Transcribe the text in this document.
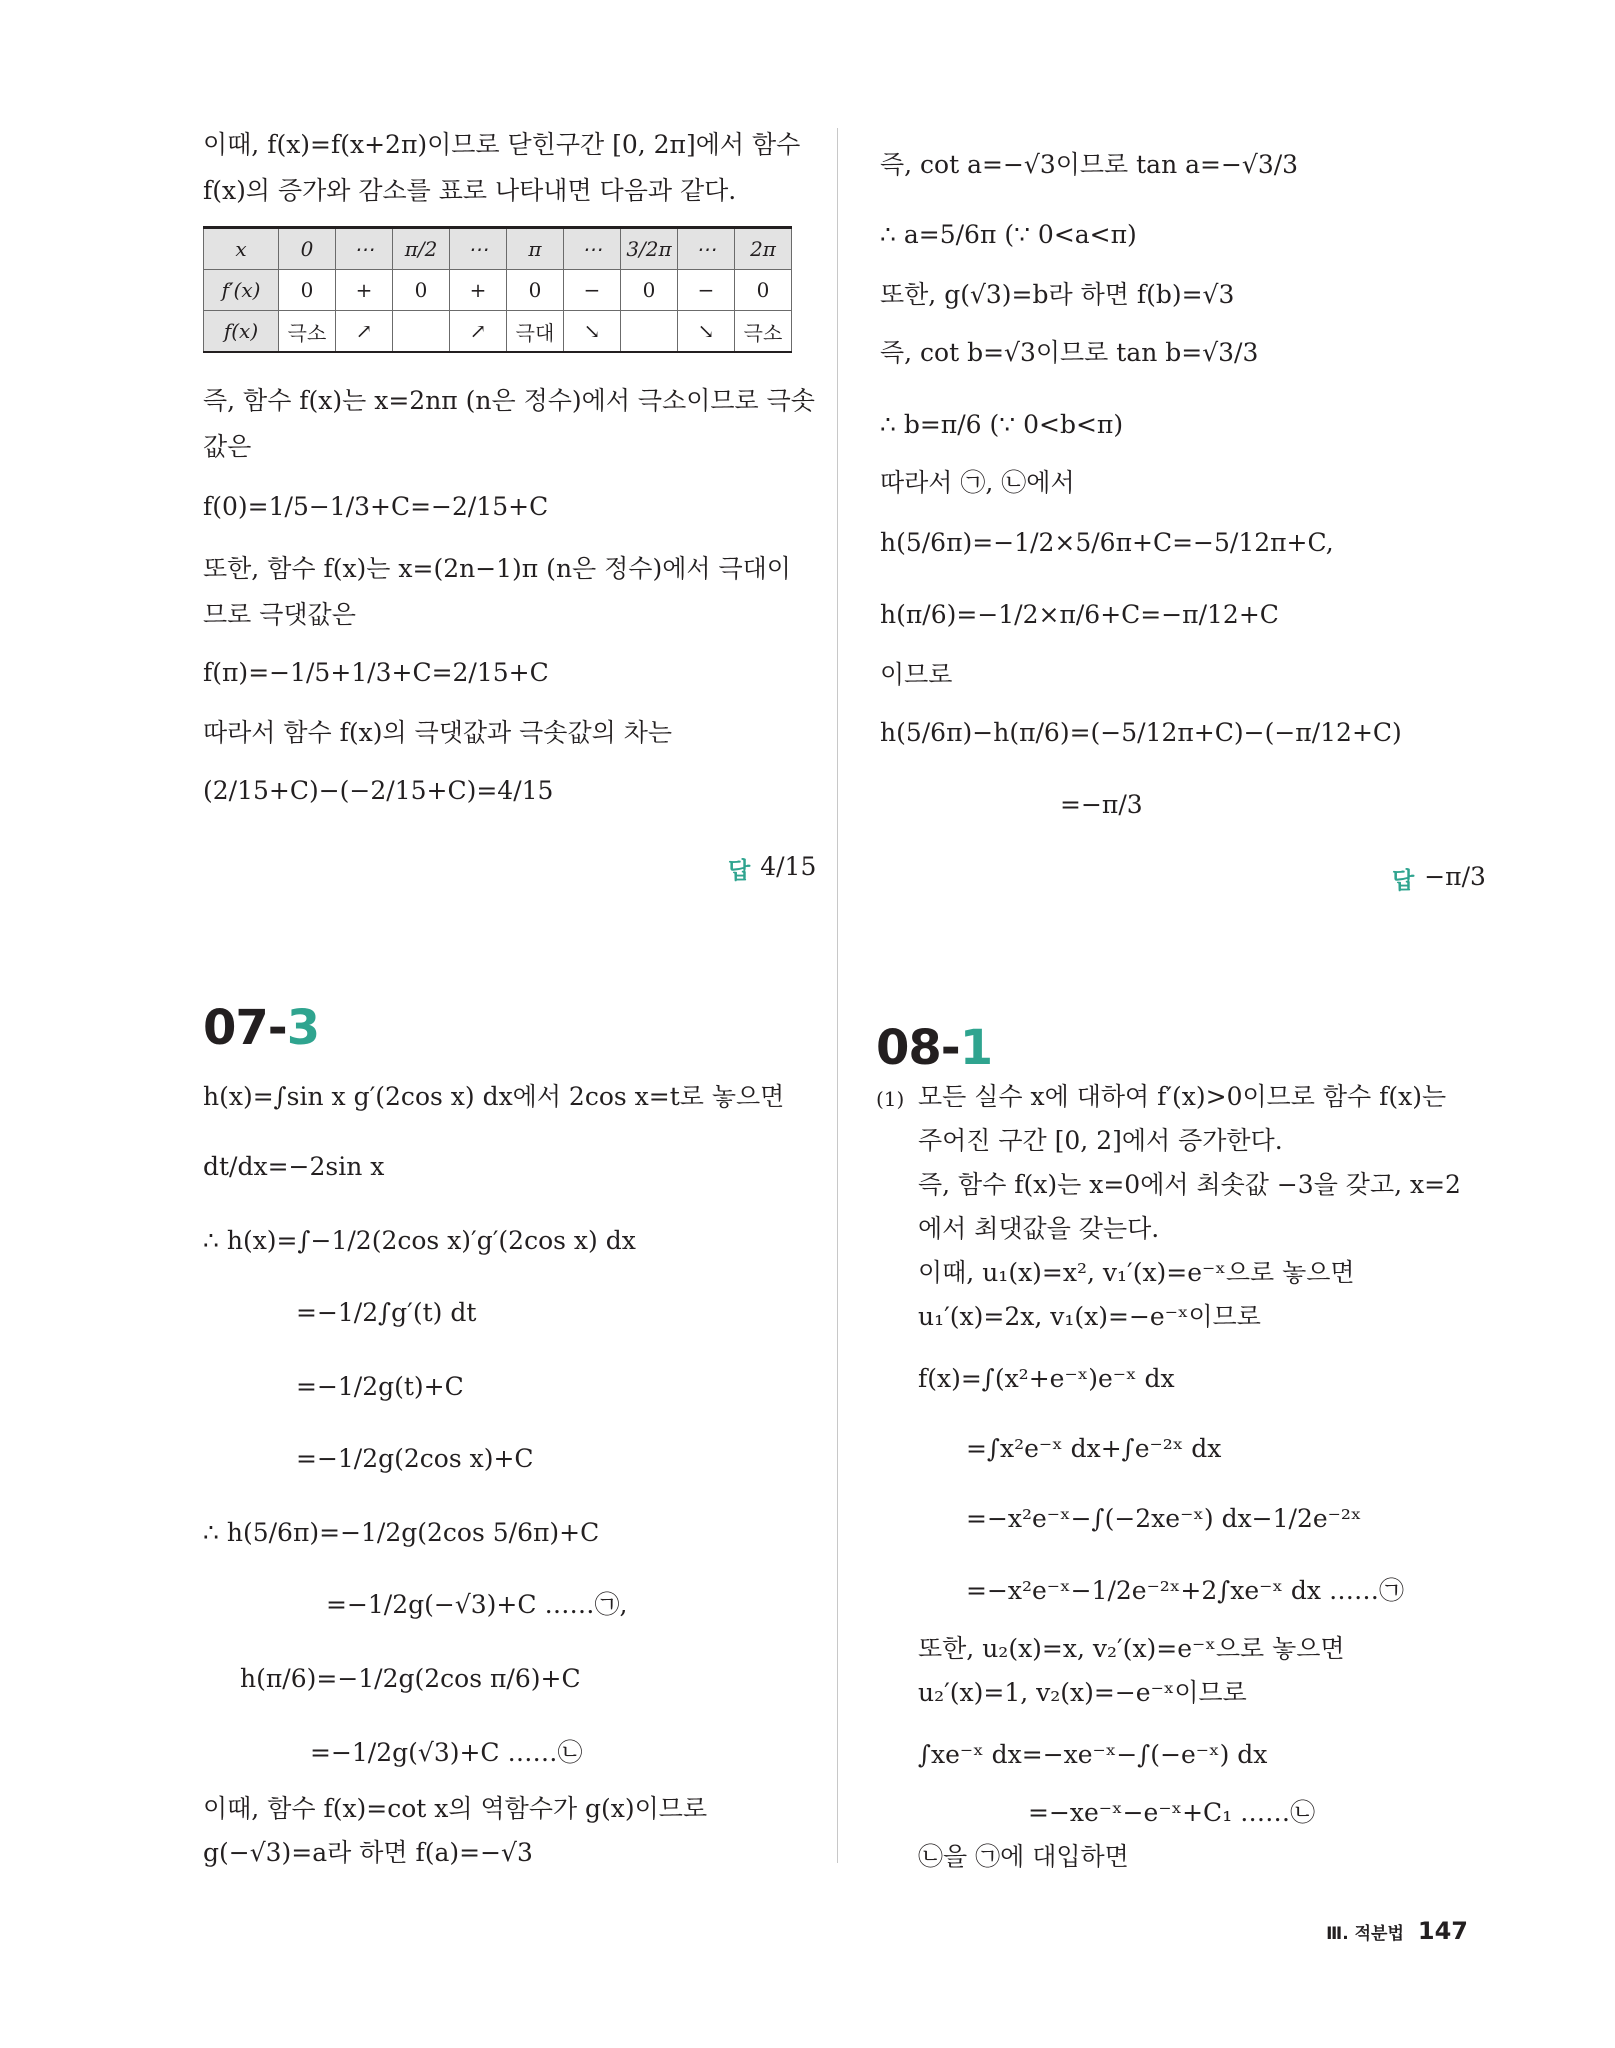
이때, f(x)=f(x+2π)이므로 닫힌구간 [0, 2π]에서 함수
f(x)의 증가와 감소를 표로 나타내면 다음과 같다.
x	0	⋯	π/2	⋯	π	⋯	3/2π	⋯	2π
f′(x)	0	+	0	+	0	−	0	−	0
f(x)	극소	↗		↗	극대	↘		↘	극소
즉, 함수 f(x)는 x=2nπ (n은 정수)에서 극소이므로 극솟
값은
f(0)=1/5−1/3+C=−2/15+C
또한, 함수 f(x)는 x=(2n−1)π (n은 정수)에서 극대이
므로 극댓값은
f(π)=−1/5+1/3+C=2/15+C
따라서 함수 f(x)의 극댓값과 극솟값의 차는
(2/15+C)−(−2/15+C)=4/15
답 4/15
즉, cot a=−√3이므로 tan a=−√3/3
∴ a=5/6π (∵ 0<a<π)
또한, g(√3)=b라 하면 f(b)=√3
즉, cot b=√3이므로 tan b=√3/3
∴ b=π/6 (∵ 0<b<π)
따라서 ㉠, ㉡에서
h(5/6π)=−1/2×5/6π+C=−5/12π+C,
h(π/6)=−1/2×π/6+C=−π/12+C
이므로
h(5/6π)−h(π/6)=(−5/12π+C)−(−π/12+C)
=−π/3
답 −π/3
07-3
h(x)=∫sin x g′(2cos x) dx에서 2cos x=t로 놓으면
dt/dx=−2sin x
∴ h(x)=∫−1/2(2cos x)′g′(2cos x) dx
=−1/2∫g′(t) dt
=−1/2g(t)+C
=−1/2g(2cos x)+C
∴ h(5/6π)=−1/2g(2cos 5/6π)+C
=−1/2g(−√3)+C ……㉠,
h(π/6)=−1/2g(2cos π/6)+C
=−1/2g(√3)+C ……㉡
이때, 함수 f(x)=cot x의 역함수가 g(x)이므로
g(−√3)=a라 하면 f(a)=−√3
08-1
(1) 모든 실수 x에 대하여 f′(x)>0이므로 함수 f(x)는
주어진 구간 [0, 2]에서 증가한다.
즉, 함수 f(x)는 x=0에서 최솟값 −3을 갖고, x=2
에서 최댓값을 갖는다.
이때, u₁(x)=x², v₁′(x)=e⁻ˣ으로 놓으면
u₁′(x)=2x, v₁(x)=−e⁻ˣ이므로
f(x)=∫(x²+e⁻ˣ)e⁻ˣ dx
=∫x²e⁻ˣ dx+∫e⁻²ˣ dx
=−x²e⁻ˣ−∫(−2xe⁻ˣ) dx−1/2e⁻²ˣ
=−x²e⁻ˣ−1/2e⁻²ˣ+2∫xe⁻ˣ dx ……㉠
또한, u₂(x)=x, v₂′(x)=e⁻ˣ으로 놓으면
u₂′(x)=1, v₂(x)=−e⁻ˣ이므로
∫xe⁻ˣ dx=−xe⁻ˣ−∫(−e⁻ˣ) dx
=−xe⁻ˣ−e⁻ˣ+C₁ ……㉡
㉡을 ㉠에 대입하면
Ⅲ. 적분법 147
